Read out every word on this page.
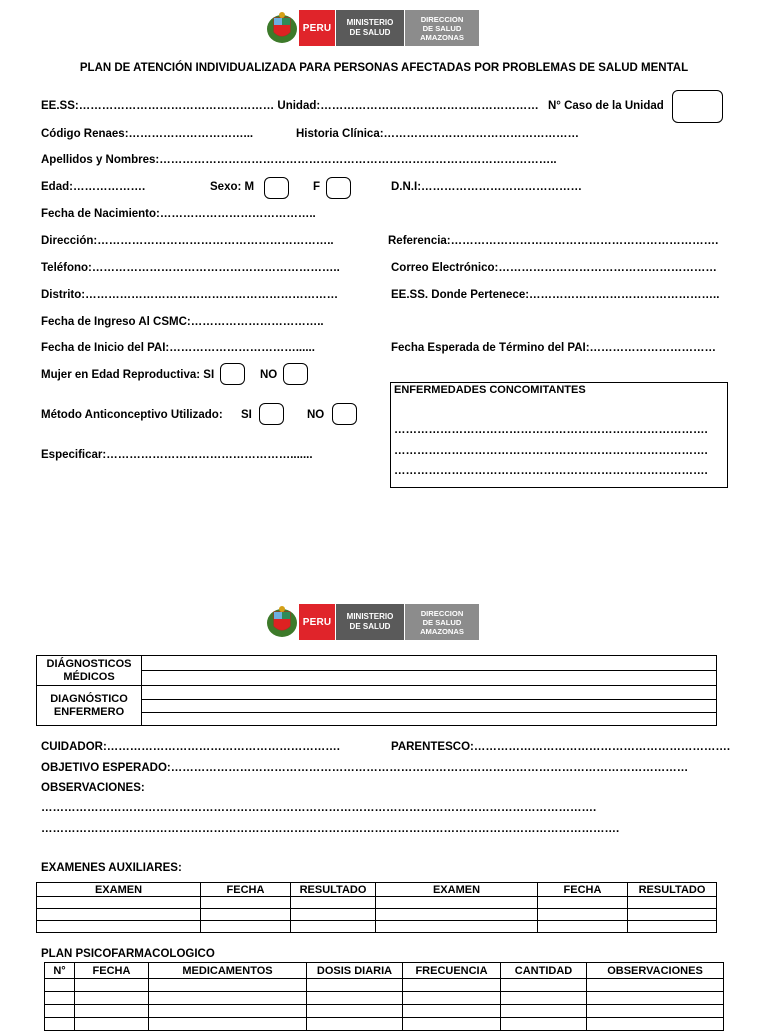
PERU	MINISTERIO
DE SALUD
DIRECCION
DE SALUD
AMAZONAS
PLAN DE ATENCIÓN INDIVIDUALIZADA PARA PERSONAS AFECTADAS POR PROBLEMAS DE SALUD MENTAL
EE.SS:…………………………………………… Unidad:………………………………………………… N° Caso de la Unidad
Código Renaes:…………………………...	Historia Clínica:……………………………………………
Apellidos y Nombres:…………………………………………………………………………………………..
Edad:……………….	Sexo: M	F	D.N.I:……………………………………
Fecha de Nacimiento:…………………………………..
Dirección:……………………………………………………..	Referencia:…………………………………………………………….
Teléfono:………………………………………………………..	Correo Electrónico:…………………………………………………
Distrito:…………………………………………………………	EE.SS. Donde Pertenece:…………………………………………..
Fecha de Ingreso Al CSMC:……………………………..
Fecha de Inicio del PAI:……………………………......	Fecha Esperada de Término del PAI:……………………………
Mujer en Edad Reproductiva: SI	NO
Método Anticonceptivo Utilizado: SI	NO
Especificar:………………………………………….......
ENFERMEDADES CONCOMITANTES
……………………………………………………………………….
……………………………………………………………………….
……………………………………………………………………….
PERU	MINISTERIO
DE SALUD
DIRECCION
DE SALUD
AMAZONAS
DIÁGNOSTICOS
MÉDICOS	

DIAGNÓSTICO
ENFERMERO	

CUIDADOR:…………………………………………………….	PARENTESCO:………………………………………………………….
OBJETIVO ESPERADO:………………………………………………………………………………………………………………………
OBSERVACIONES:
……………………………………………………………………………………………………………………………….
…………………………………………………………………………………………………………………………………….
EXAMENES AUXILIARES:
EXAMEN	FECHA	RESULTADO	EXAMEN	FECHA	RESULTADO

PLAN PSICOFARMACOLOGICO
N°	FECHA	MEDICAMENTOS	DOSIS DIARIA	FRECUENCIA	CANTIDAD	OBSERVACIONES
